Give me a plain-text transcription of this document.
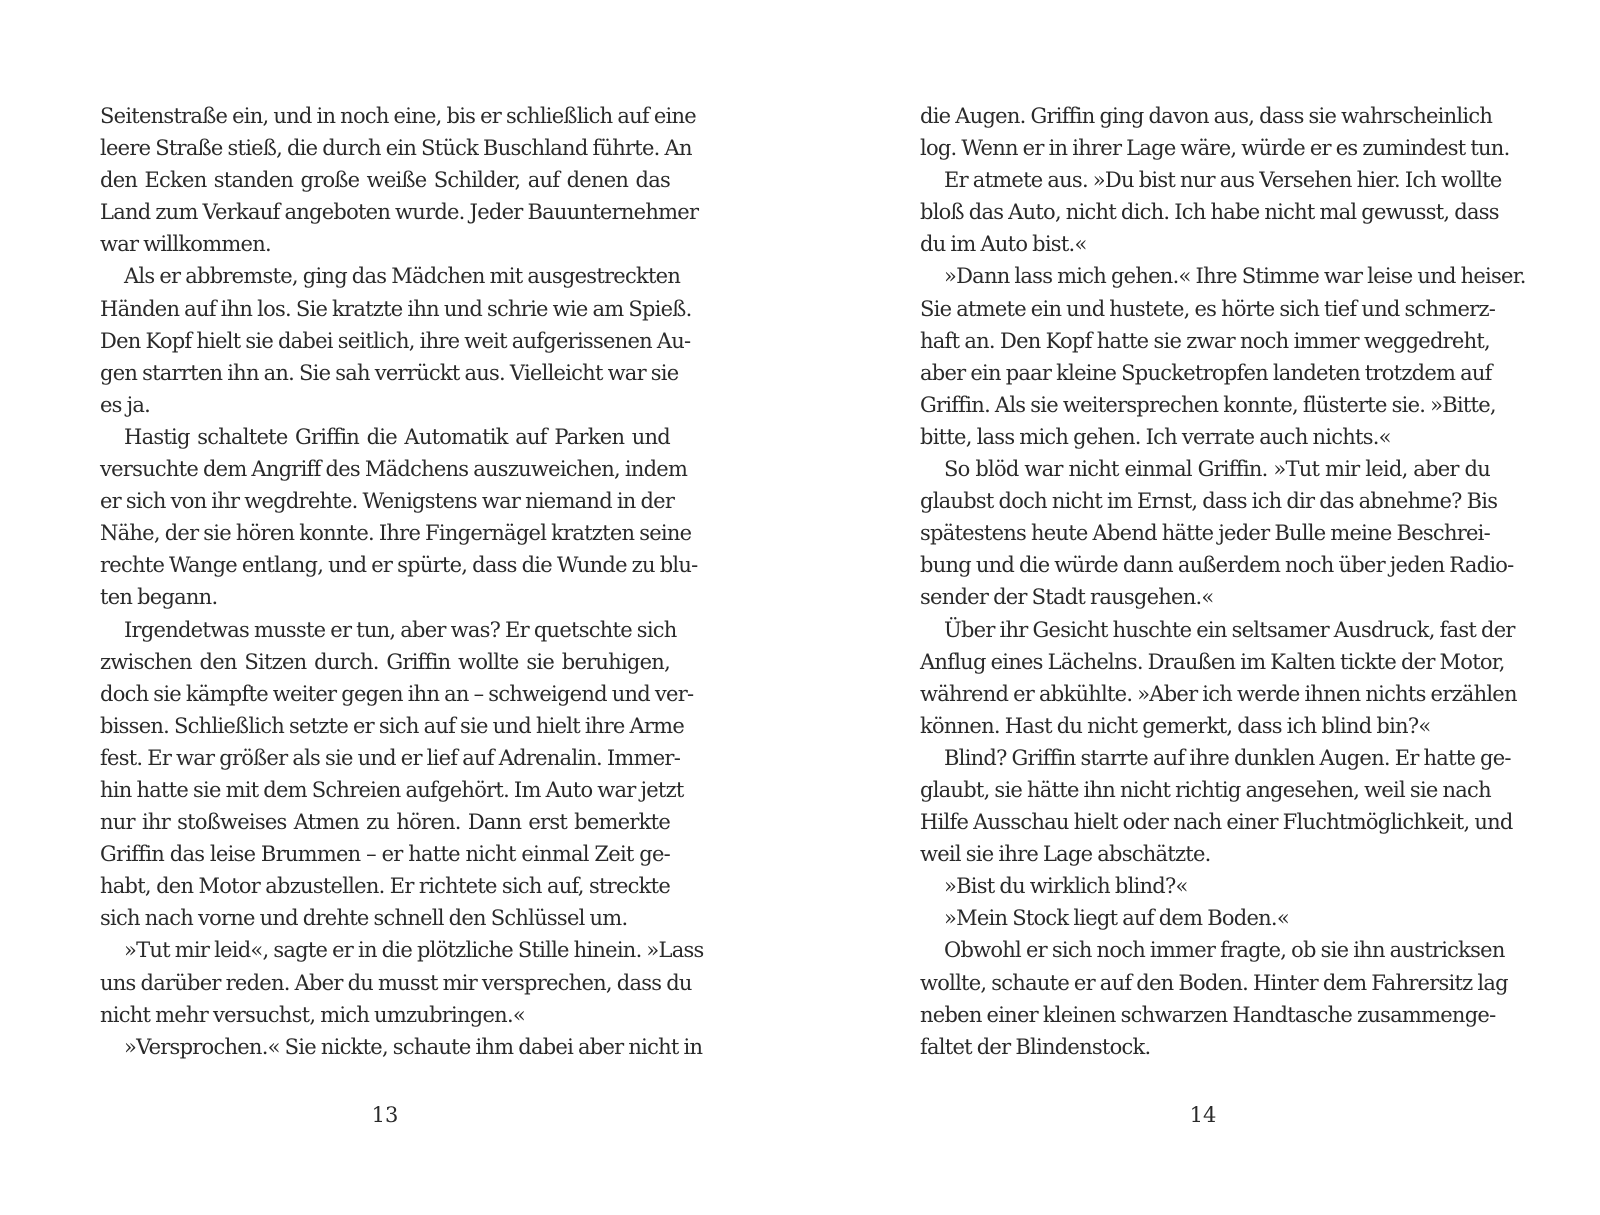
Seitenstraße ein, und in noch eine, bis er schließlich auf eine
leere Straße stieß, die durch ein Stück Buschland führte. An
den Ecken standen große weiße Schilder, auf denen das
Land zum Verkauf angeboten wurde. Jeder Bauunternehmer
war willkommen.
Als er abbremste, ging das Mädchen mit ausgestreckten
Händen auf ihn los. Sie kratzte ihn und schrie wie am Spieß.
Den Kopf hielt sie dabei seitlich, ihre weit aufgerissenen Au-
gen starrten ihn an. Sie sah verrückt aus. Vielleicht war sie
es ja.
Hastig schaltete Griffin die Automatik auf Parken und
versuchte dem Angriff des Mädchens auszuweichen, indem
er sich von ihr wegdrehte. Wenigstens war niemand in der
Nähe, der sie hören konnte. Ihre Fingernägel kratzten seine
rechte Wange entlang, und er spürte, dass die Wunde zu blu-
ten begann.
Irgendetwas musste er tun, aber was? Er quetschte sich
zwischen den Sitzen durch. Griffin wollte sie beruhigen,
doch sie kämpfte weiter gegen ihn an – schweigend und ver-
bissen. Schließlich setzte er sich auf sie und hielt ihre Arme
fest. Er war größer als sie und er lief auf Adrenalin. Immer-
hin hatte sie mit dem Schreien aufgehört. Im Auto war jetzt
nur ihr stoßweises Atmen zu hören. Dann erst bemerkte
Griffin das leise Brummen – er hatte nicht einmal Zeit ge-
habt, den Motor abzustellen. Er richtete sich auf, streckte
sich nach vorne und drehte schnell den Schlüssel um.
»Tut mir leid«, sagte er in die plötzliche Stille hinein. »Lass
uns darüber reden. Aber du musst mir versprechen, dass du
nicht mehr versuchst, mich umzubringen.«
»Versprochen.« Sie nickte, schaute ihm dabei aber nicht in
die Augen. Griffin ging davon aus, dass sie wahrscheinlich
log. Wenn er in ihrer Lage wäre, würde er es zumindest tun.
Er atmete aus. »Du bist nur aus Versehen hier. Ich wollte
bloß das Auto, nicht dich. Ich habe nicht mal gewusst, dass
du im Auto bist.«
»Dann lass mich gehen.« Ihre Stimme war leise und heiser.
Sie atmete ein und hustete, es hörte sich tief und schmerz-
haft an. Den Kopf hatte sie zwar noch immer weggedreht,
aber ein paar kleine Spucketropfen landeten trotzdem auf
Griffin. Als sie weitersprechen konnte, flüsterte sie. »Bitte,
bitte, lass mich gehen. Ich verrate auch nichts.«
So blöd war nicht einmal Griffin. »Tut mir leid, aber du
glaubst doch nicht im Ernst, dass ich dir das abnehme? Bis
spätestens heute Abend hätte jeder Bulle meine Beschrei-
bung und die würde dann außerdem noch über jeden Radio-
sender der Stadt rausgehen.«
Über ihr Gesicht huschte ein seltsamer Ausdruck, fast der
Anflug eines Lächelns. Draußen im Kalten tickte der Motor,
während er abkühlte. »Aber ich werde ihnen nichts erzählen
können. Hast du nicht gemerkt, dass ich blind bin?«
Blind? Griffin starrte auf ihre dunklen Augen. Er hatte ge-
glaubt, sie hätte ihn nicht richtig angesehen, weil sie nach
Hilfe Ausschau hielt oder nach einer Fluchtmöglichkeit, und
weil sie ihre Lage abschätzte.
»Bist du wirklich blind?«
»Mein Stock liegt auf dem Boden.«
Obwohl er sich noch immer fragte, ob sie ihn austricksen
wollte, schaute er auf den Boden. Hinter dem Fahrersitz lag
neben einer kleinen schwarzen Handtasche zusammenge-
faltet der Blindenstock.
13	14
